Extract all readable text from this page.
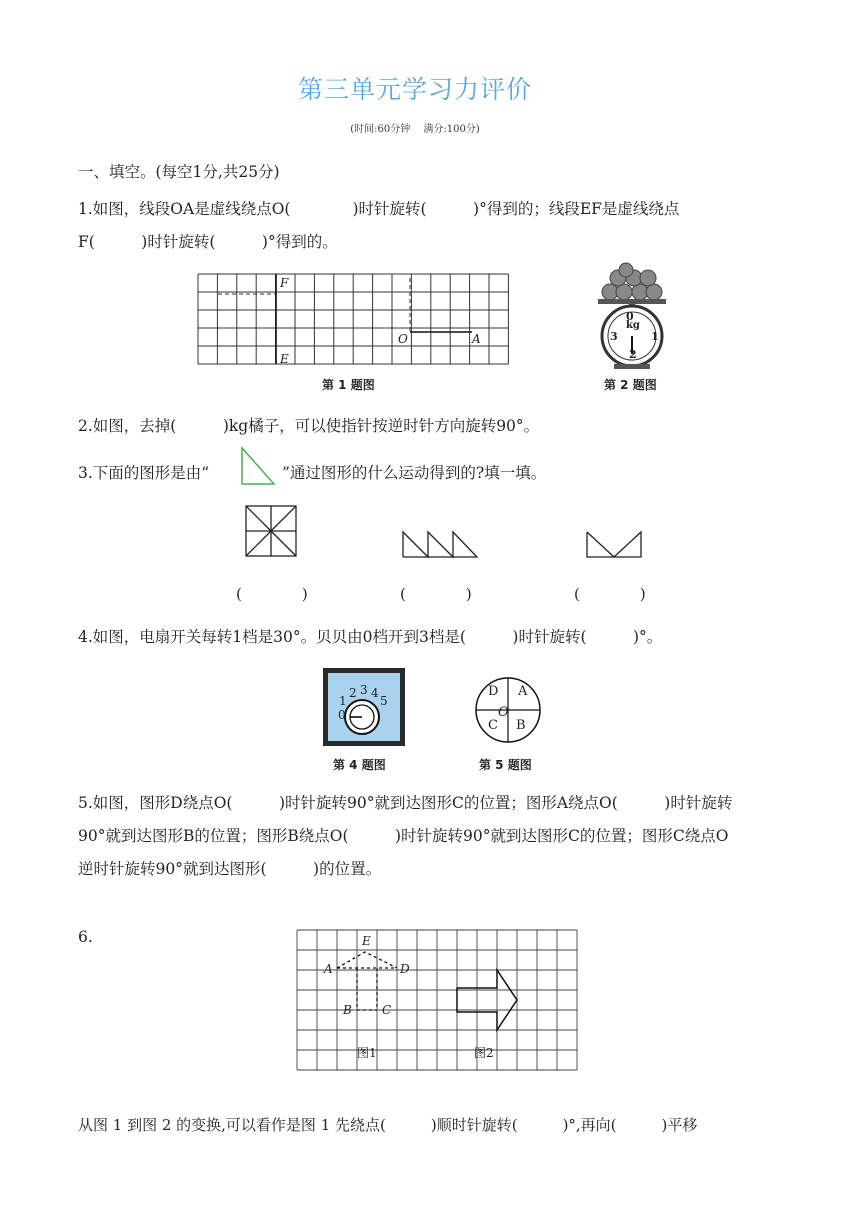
第三单元学习力评价
(时间:60分钟　 满分:100分)
一、填空。(每空1分,共25分)
1.如图，线段OA是虚线绕点O(　　　　)时针旋转(　　　)°得到的；线段EF是虚线绕点
F(　　　)时针旋转(　　　)°得到的。
F
E
O	A
第 1 题图
0
kg
3	1
2
第 2 题图
2.如图，去掉(　　　)kg橘子，可以使指针按逆时针方向旋转90°。
3.下面的图形是由“	”通过图形的什么运动得到的?填一填。
(　　　　)	(　　　　)	(　　　　)
4.如图，电扇开关每转1档是30°。贝贝由0档开到3档是(　　　)时针旋转(　　　)°。
0
1
2 3 4
5
第 4 题图
D A
O
C B
第 5 题图
5.如图，图形D绕点O(　　　)时针旋转90°就到达图形C的位置；图形A绕点O(　　　)时针旋转
90°就到达图形B的位置；图形B绕点O(　　　)时针旋转90°就到达图形C的位置；图形C绕点O
逆时针旋转90°就到达图形(　　　)的位置。
6.	E
A	D
B	C
图1	图2
从图 1 到图 2 的变换,可以看作是图 1 先绕点(　　　)顺时针旋转(　　　)°,再向(　　　)平移
